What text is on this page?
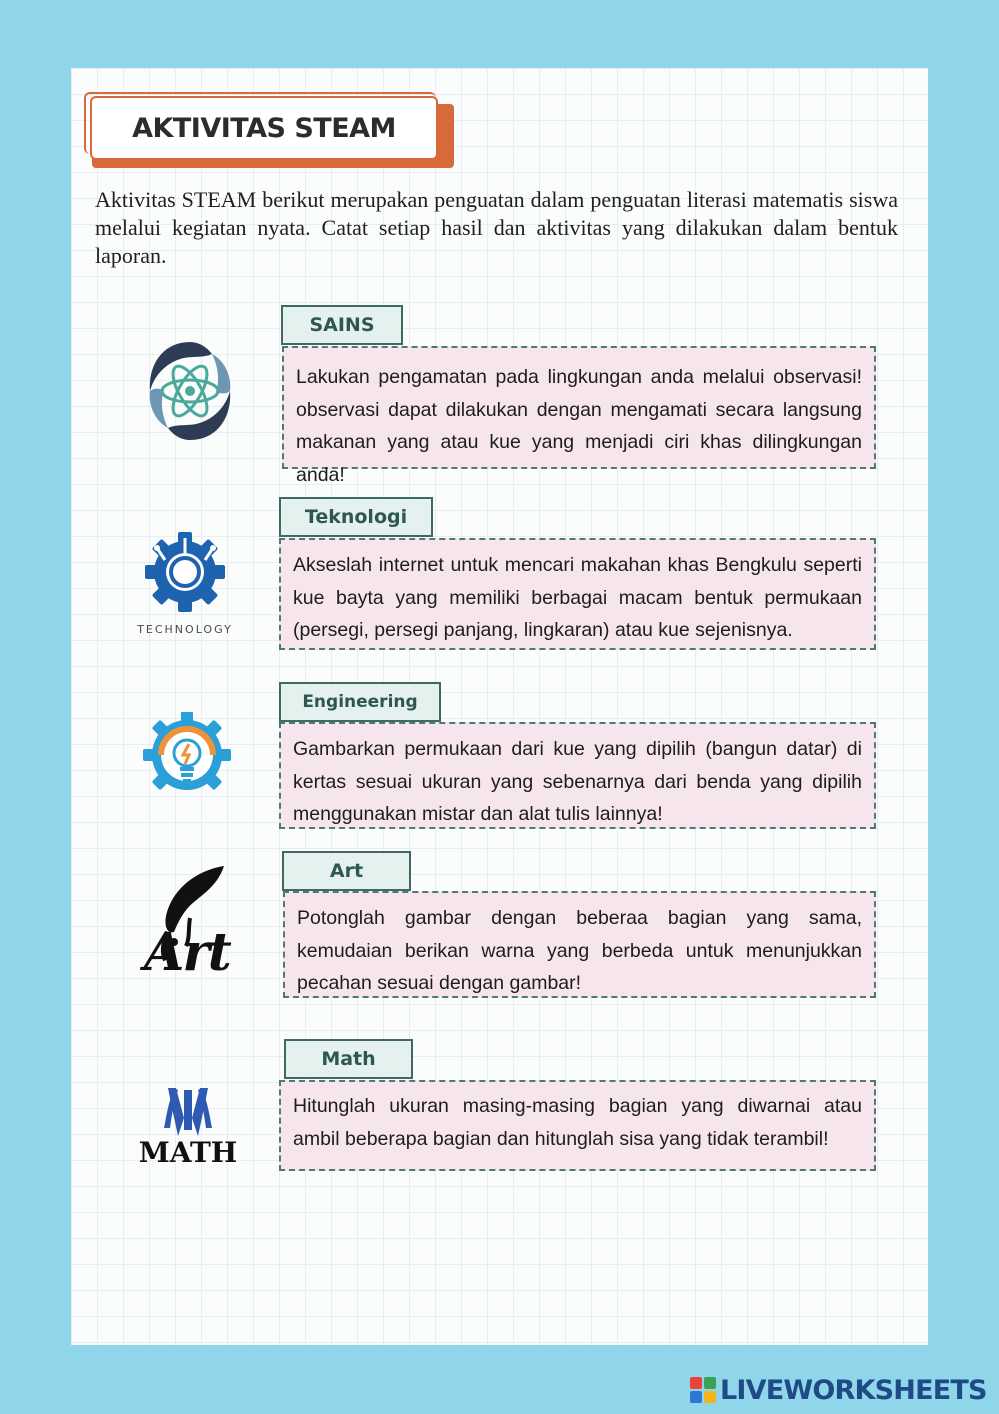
AKTIVITAS STEAM

Aktivitas STEAM berikut merupakan penguatan dalam penguatan literasi matematis siswa melalui kegiatan nyata. Catat setiap hasil dan aktivitas yang dilakukan dalam bentuk laporan.

SAINS
Lakukan pengamatan pada lingkungan anda melalui observasi! observasi dapat dilakukan dengan mengamati secara langsung makanan yang atau kue yang menjadi ciri khas dilingkungan anda!
TECHNOLOGY
Teknologi
Akseslah internet untuk mencari makahan khas Bengkulu seperti kue bayta yang memiliki berbagai macam bentuk permukaan (persegi, persegi panjang, lingkaran) atau kue sejenisnya.
Engineering
Gambarkan permukaan dari kue yang dipilih (bangun datar) di kertas sesuai ukuran yang sebenarnya dari benda yang dipilih menggunakan mistar dan alat tulis lainnya!
Art
Art
Potonglah gambar dengan beberaa bagian yang sama, kemudaian berikan warna yang berbeda untuk menunjukkan pecahan sesuai dengan gambar!
MATH
Math
Hitunglah ukuran masing-masing bagian yang diwarnai atau ambil beberapa bagian dan hitunglah sisa yang tidak terambil!
LIVEWORKSHEETS
